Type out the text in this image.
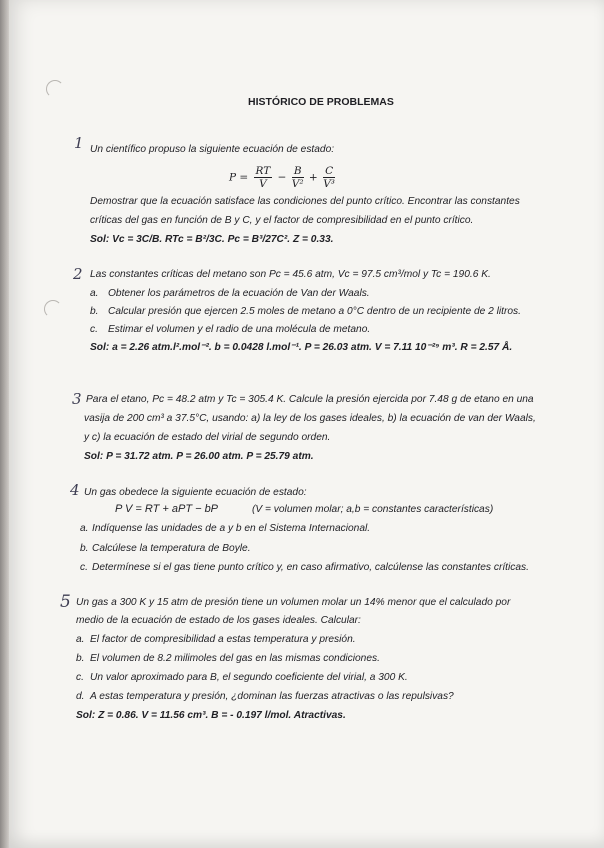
HISTÓRICO DE PROBLEMAS
1 Un científico propuso la siguiente ecuación de estado:
$P = \frac{RT}{V} - \frac{B}{\text{V²}} + \frac{C}{\text{V³}}$
Demostrar que la ecuación satisface las condiciones del punto crítico. Encontrar las constantes
críticas del gas en función de B y C, y el factor de compresibilidad en el punto crítico.
Sol: Vc = 3C/B. RTc = B²/3C. Pc = B³/27C². Z = 0.33.
2 Las constantes críticas del metano son Pc = 45.6 atm, Vc = 97.5 cm³/mol y Tc = 190.6 K.
a. Obtener los parámetros de la ecuación de Van der Waals.
b. Calcular presión que ejercen 2.5 moles de metano a 0°C dentro de un recipiente de 2 litros.
c. Estimar el volumen y el radio de una molécula de metano.
Sol: a = 2.26 atm.l².mol⁻². b = 0.0428 l.mol⁻¹. P = 26.03 atm. V = 7.11 10⁻²⁹ m³. R = 2.57 Å.
3 Para el etano, Pc = 48.2 atm y Tc = 305.4 K. Calcule la presión ejercida por 7.48 g de etano en una
vasija de 200 cm³ a 37.5°C, usando: a) la ley de los gases ideales, b) la ecuación de van der Waals,
y c) la ecuación de estado del virial de segundo orden.
Sol: P = 31.72 atm. P = 26.00 atm. P = 25.79 atm.
4 Un gas obedece la siguiente ecuación de estado:
P V = RT + aPT − bP	(V = volumen molar; a,b = constantes características)
a. Indíquense las unidades de a y b en el Sistema Internacional.
b. Calcúlese la temperatura de Boyle.
c. Determínese si el gas tiene punto crítico y, en caso afirmativo, calcúlense las constantes críticas.
5 Un gas a 300 K y 15 atm de presión tiene un volumen molar un 14% menor que el calculado por
medio de la ecuación de estado de los gases ideales. Calcular:
a. El factor de compresibilidad a estas temperatura y presión.
b. El volumen de 8.2 milimoles del gas en las mismas condiciones.
c. Un valor aproximado para B, el segundo coeficiente del virial, a 300 K.
d. A estas temperatura y presión, ¿dominan las fuerzas atractivas o las repulsivas?
Sol: Z = 0.86. V = 11.56 cm³. B = - 0.197 l/mol. Atractivas.
